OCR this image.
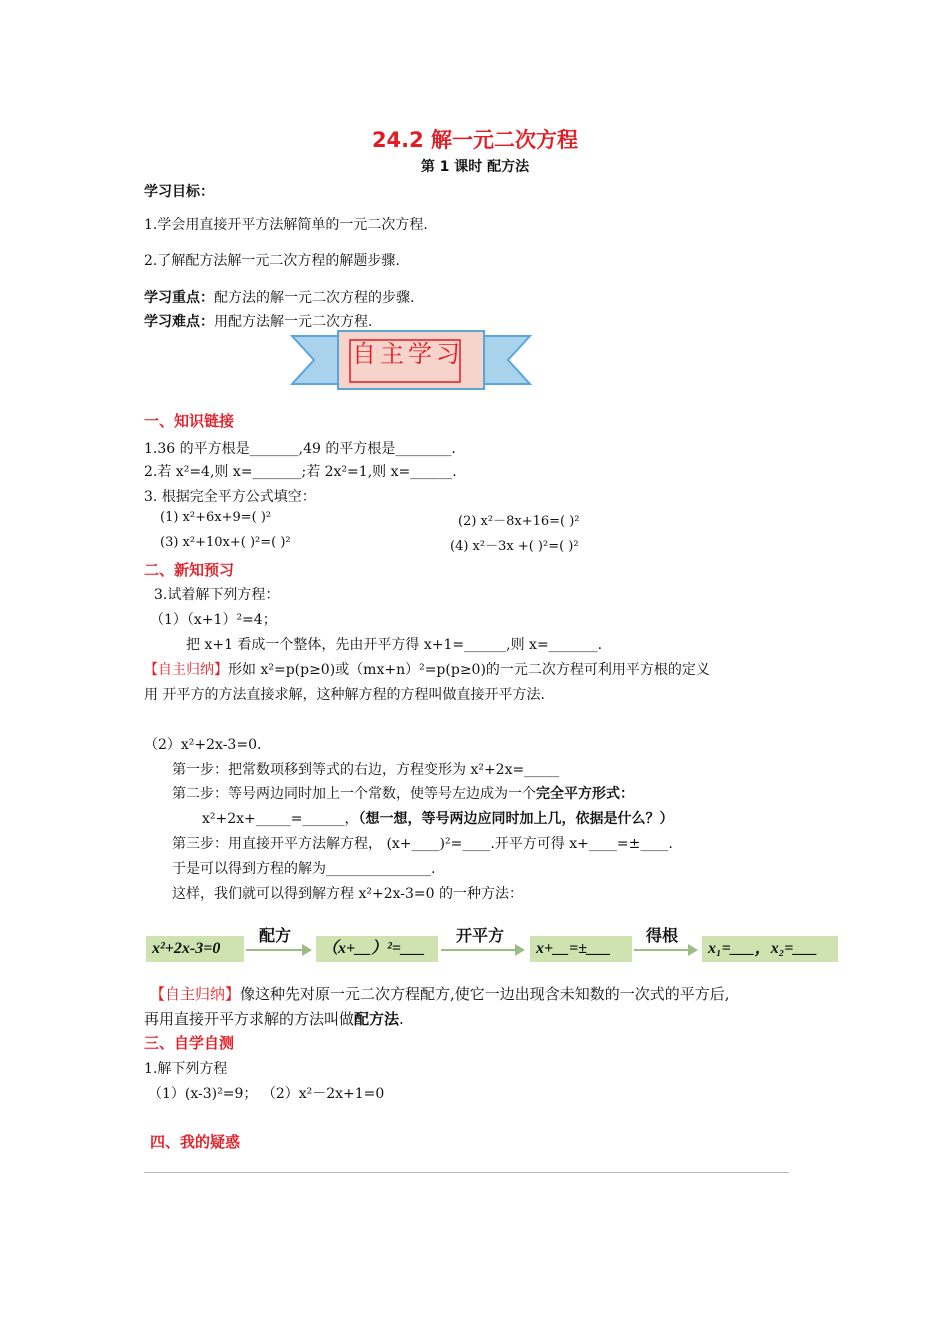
24.2 解一元二次方程
第 1 课时 配方法
学习目标：
1.学会用直接开平方法解简单的一元二次方程.
2.了解配方法解一元二次方程的解题步骤.
学习重点：配方法的解一元二次方程的步骤.
学习难点：用配方法解一元二次方程.
自主学习
一、知识链接
1.36 的平方根是_______,49 的平方根是________.
2.若 x²=4,则 x=_______;若 2x²=1,则 x=______.
3. 根据完全平方公式填空：
(1) x²+6x+9=( )²	(2) x²－8x+16=( )²
(3) x²+10x+( )²=( )²	(4) x²－3x +( )²=( )²
二、新知预习
3.试着解下列方程：
（1）（x+1）²=4；
把 x+1 看成一个整体，先由开平方得 x+1=______,则 x=_______.
【自主归纳】形如 x²=p(p≥0)或（mx+n）²=p(p≥0)的一元二次方程可利用平方根的定义
用 开平方的方法直接求解，这种解方程的方程叫做直接开平方法.
（2）x²+2x-3=0.
第一步：把常数项移到等式的右边，方程变形为 x²+2x=_____
第二步：等号两边同时加上一个常数，使等号左边成为一个完全平方形式：
x²+2x+_____=______，（想一想，等号两边应同时加上几，依据是什么？）
第三步：用直接开平方法解方程， (x+____)²=____.开平方可得 x+____=±____.
于是可以得到方程的解为_______________.
这样，我们就可以得到解方程 x²+2x-3=0 的一种方法：
x²+2x-3=0
配方
（x+__）²=___
开平方
x+__=±___
得根
x₁=___，x₂=___
【自主归纳】像这种先对原一元二次方程配方,使它一边出现含未知数的一次式的平方后,
再用直接开平方求解的方法叫做配方法.
三、自学自测
1.解下列方程
（1）(x-3)²=9； （2）x²－2x+1=0
四、我的疑惑
